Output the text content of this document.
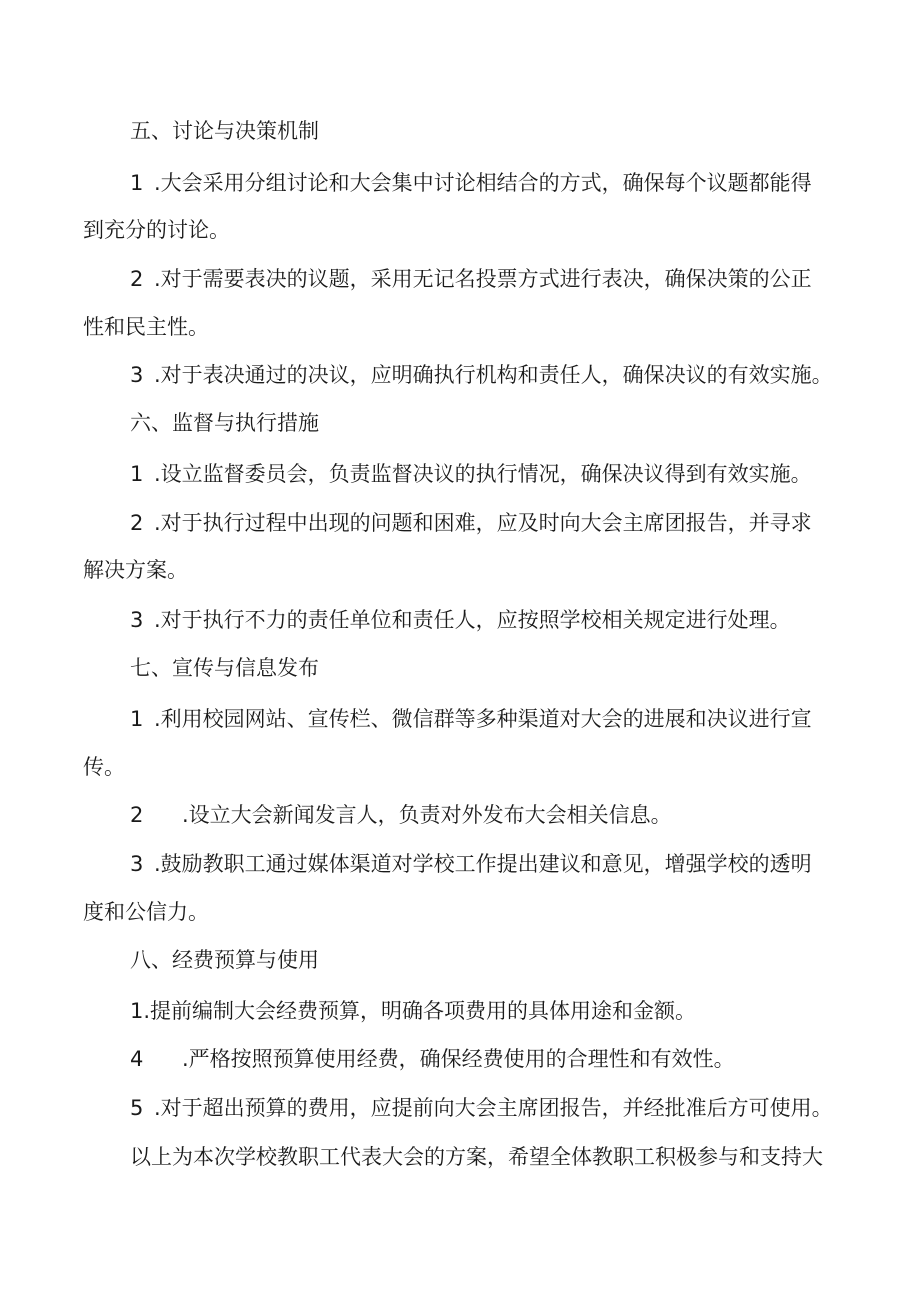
五、讨论与决策机制
1 .大会采用分组讨论和大会集中讨论相结合的方式，确保每个议题都能得
到充分的讨论。
2 .对于需要表决的议题，采用无记名投票方式进行表决，确保决策的公正
性和民主性。
3 .对于表决通过的决议，应明确执行机构和责任人，确保决议的有效实施。
六、监督与执行措施
1 .设立监督委员会，负责监督决议的执行情况，确保决议得到有效实施。
2 .对于执行过程中出现的问题和困难，应及时向大会主席团报告，并寻求
解决方案。
3 .对于执行不力的责任单位和责任人，应按照学校相关规定进行处理。
七、宣传与信息发布
1 .利用校园网站、宣传栏、微信群等多种渠道对大会的进展和决议进行宣
传。
2 .设立大会新闻发言人，负责对外发布大会相关信息。
3 .鼓励教职工通过媒体渠道对学校工作提出建议和意见，增强学校的透明
度和公信力。
八、经费预算与使用
1.提前编制大会经费预算，明确各项费用的具体用途和金额。
4 .严格按照预算使用经费，确保经费使用的合理性和有效性。
5 .对于超出预算的费用，应提前向大会主席团报告，并经批准后方可使用。
以上为本次学校教职工代表大会的方案，希望全体教职工积极参与和支持大
